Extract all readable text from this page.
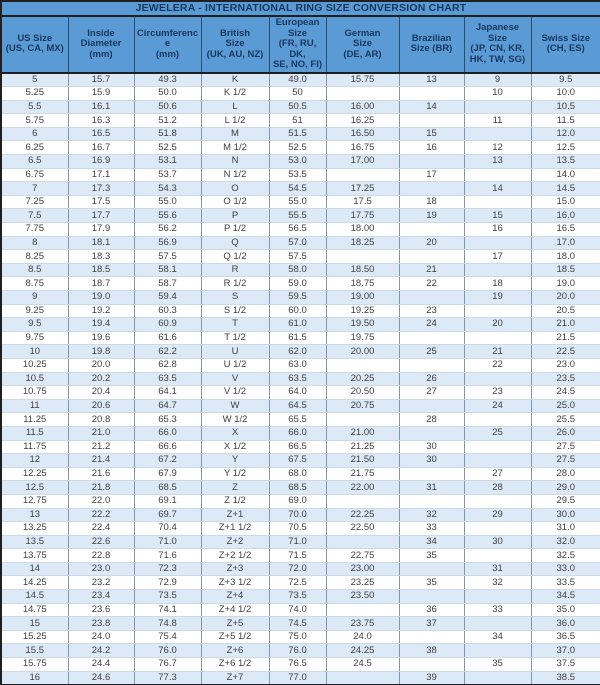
JEWELERA - INTERNATIONAL RING SIZE CONVERSION CHART								

US Size
(US, CA, MX)

Inside
Diameter
(mm)

Circumferenc
e
(mm)

British
Size
(UK, AU, NZ)

European
Size
(FR, RU, DK,
SE, NO, FI)

German
Size
(DE, AR)

Brazilian
Size (BR)

Japanese
Size
(JP, CN, KR,
HK, TW, SG)

Swiss Size
(CH, ES)

5	15.7	49.3	K	49.0	15.75	13	9	9.5
5.25	15.9	50.0	K 1/2	50			10	10.0
5.5	16.1	50.6	L	50.5	16.00	14		10.5
5.75	16.3	51.2	L 1/2	51	16.25		11	11.5
6	16.5	51.8	M	51.5	16.50	15		12.0
6.25	16.7	52.5	M 1/2	52.5	16.75	16	12	12.5
6.5	16.9	53.1	N	53.0	17.00		13	13.5
6.75	17.1	53.7	N 1/2	53.5		17		14.0
7	17.3	54.3	O	54.5	17.25		14	14.5
7.25	17.5	55.0	O 1/2	55.0	17.5	18		15.0
7.5	17.7	55.6	P	55.5	17.75	19	15	16.0
7.75	17.9	56.2	P 1/2	56.5	18.00		16	16.5
8	18.1	56.9	Q	57.0	18.25	20		17.0
8.25	18.3	57.5	Q 1/2	57.5			17	18.0
8.5	18.5	58.1	R	58.0	18.50	21		18.5
8.75	18.7	58.7	R 1/2	59.0	18.75	22	18	19.0
9	19.0	59.4	S	59.5	19.00		19	20.0
9.25	19.2	60.3	S 1/2	60.0	19.25	23		20.5
9.5	19.4	60.9	T	61.0	19.50	24	20	21.0
9.75	19.6	61.6	T 1/2	61.5	19.75			21.5
10	19.8	62.2	U	62.0	20.00	25	21	22.5
10.25	20.0	62.8	U 1/2	63.0			22	23.0
10.5	20.2	63.5	V	63.5	20.25	26		23.5
10.75	20.4	64.1	V 1/2	64.0	20.50	27	23	24.5
11	20.6	64.7	W	64.5	20.75		24	25.0
11.25	20.8	65.3	W 1/2	65.5		28		25.5
11.5	21.0	66.0	X	66.0	21.00		25	26.0
11.75	21.2	66.6	X 1/2	66.5	21.25	30		27.5
12	21.4	67.2	Y	67.5	21.50	30		27.5
12.25	21.6	67.9	Y 1/2	68.0	21.75		27	28.0
12.5	21.8	68.5	Z	68.5	22.00	31	28	29.0
12.75	22.0	69.1	Z 1/2	69.0				29.5
13	22.2	69.7	Z+1	70.0	22.25	32	29	30.0
13.25	22.4	70.4	Z+1 1/2	70.5	22.50	33		31.0
13.5	22.6	71.0	Z+2	71.0		34	30	32.0
13.75	22.8	71.6	Z+2 1/2	71.5	22.75	35		32.5
14	23.0	72.3	Z+3	72.0	23.00		31	33.0
14.25	23.2	72.9	Z+3 1/2	72.5	23.25	35	32	33.5
14.5	23.4	73.5	Z+4	73.5	23.50			34.5
14.75	23.6	74.1	Z+4 1/2	74.0		36	33	35.0
15	23.8	74.8	Z+5	74.5	23.75	37		36.0
15.25	24.0	75.4	Z+5 1/2	75.0	24.0		34	36.5
15.5	24.2	76.0	Z+6	76.0	24.25	38		37.0
15.75	24.4	76.7	Z+6 1/2	76.5	24.5		35	37.5
16	24.6	77.3	Z+7	77.0		39		38.5
